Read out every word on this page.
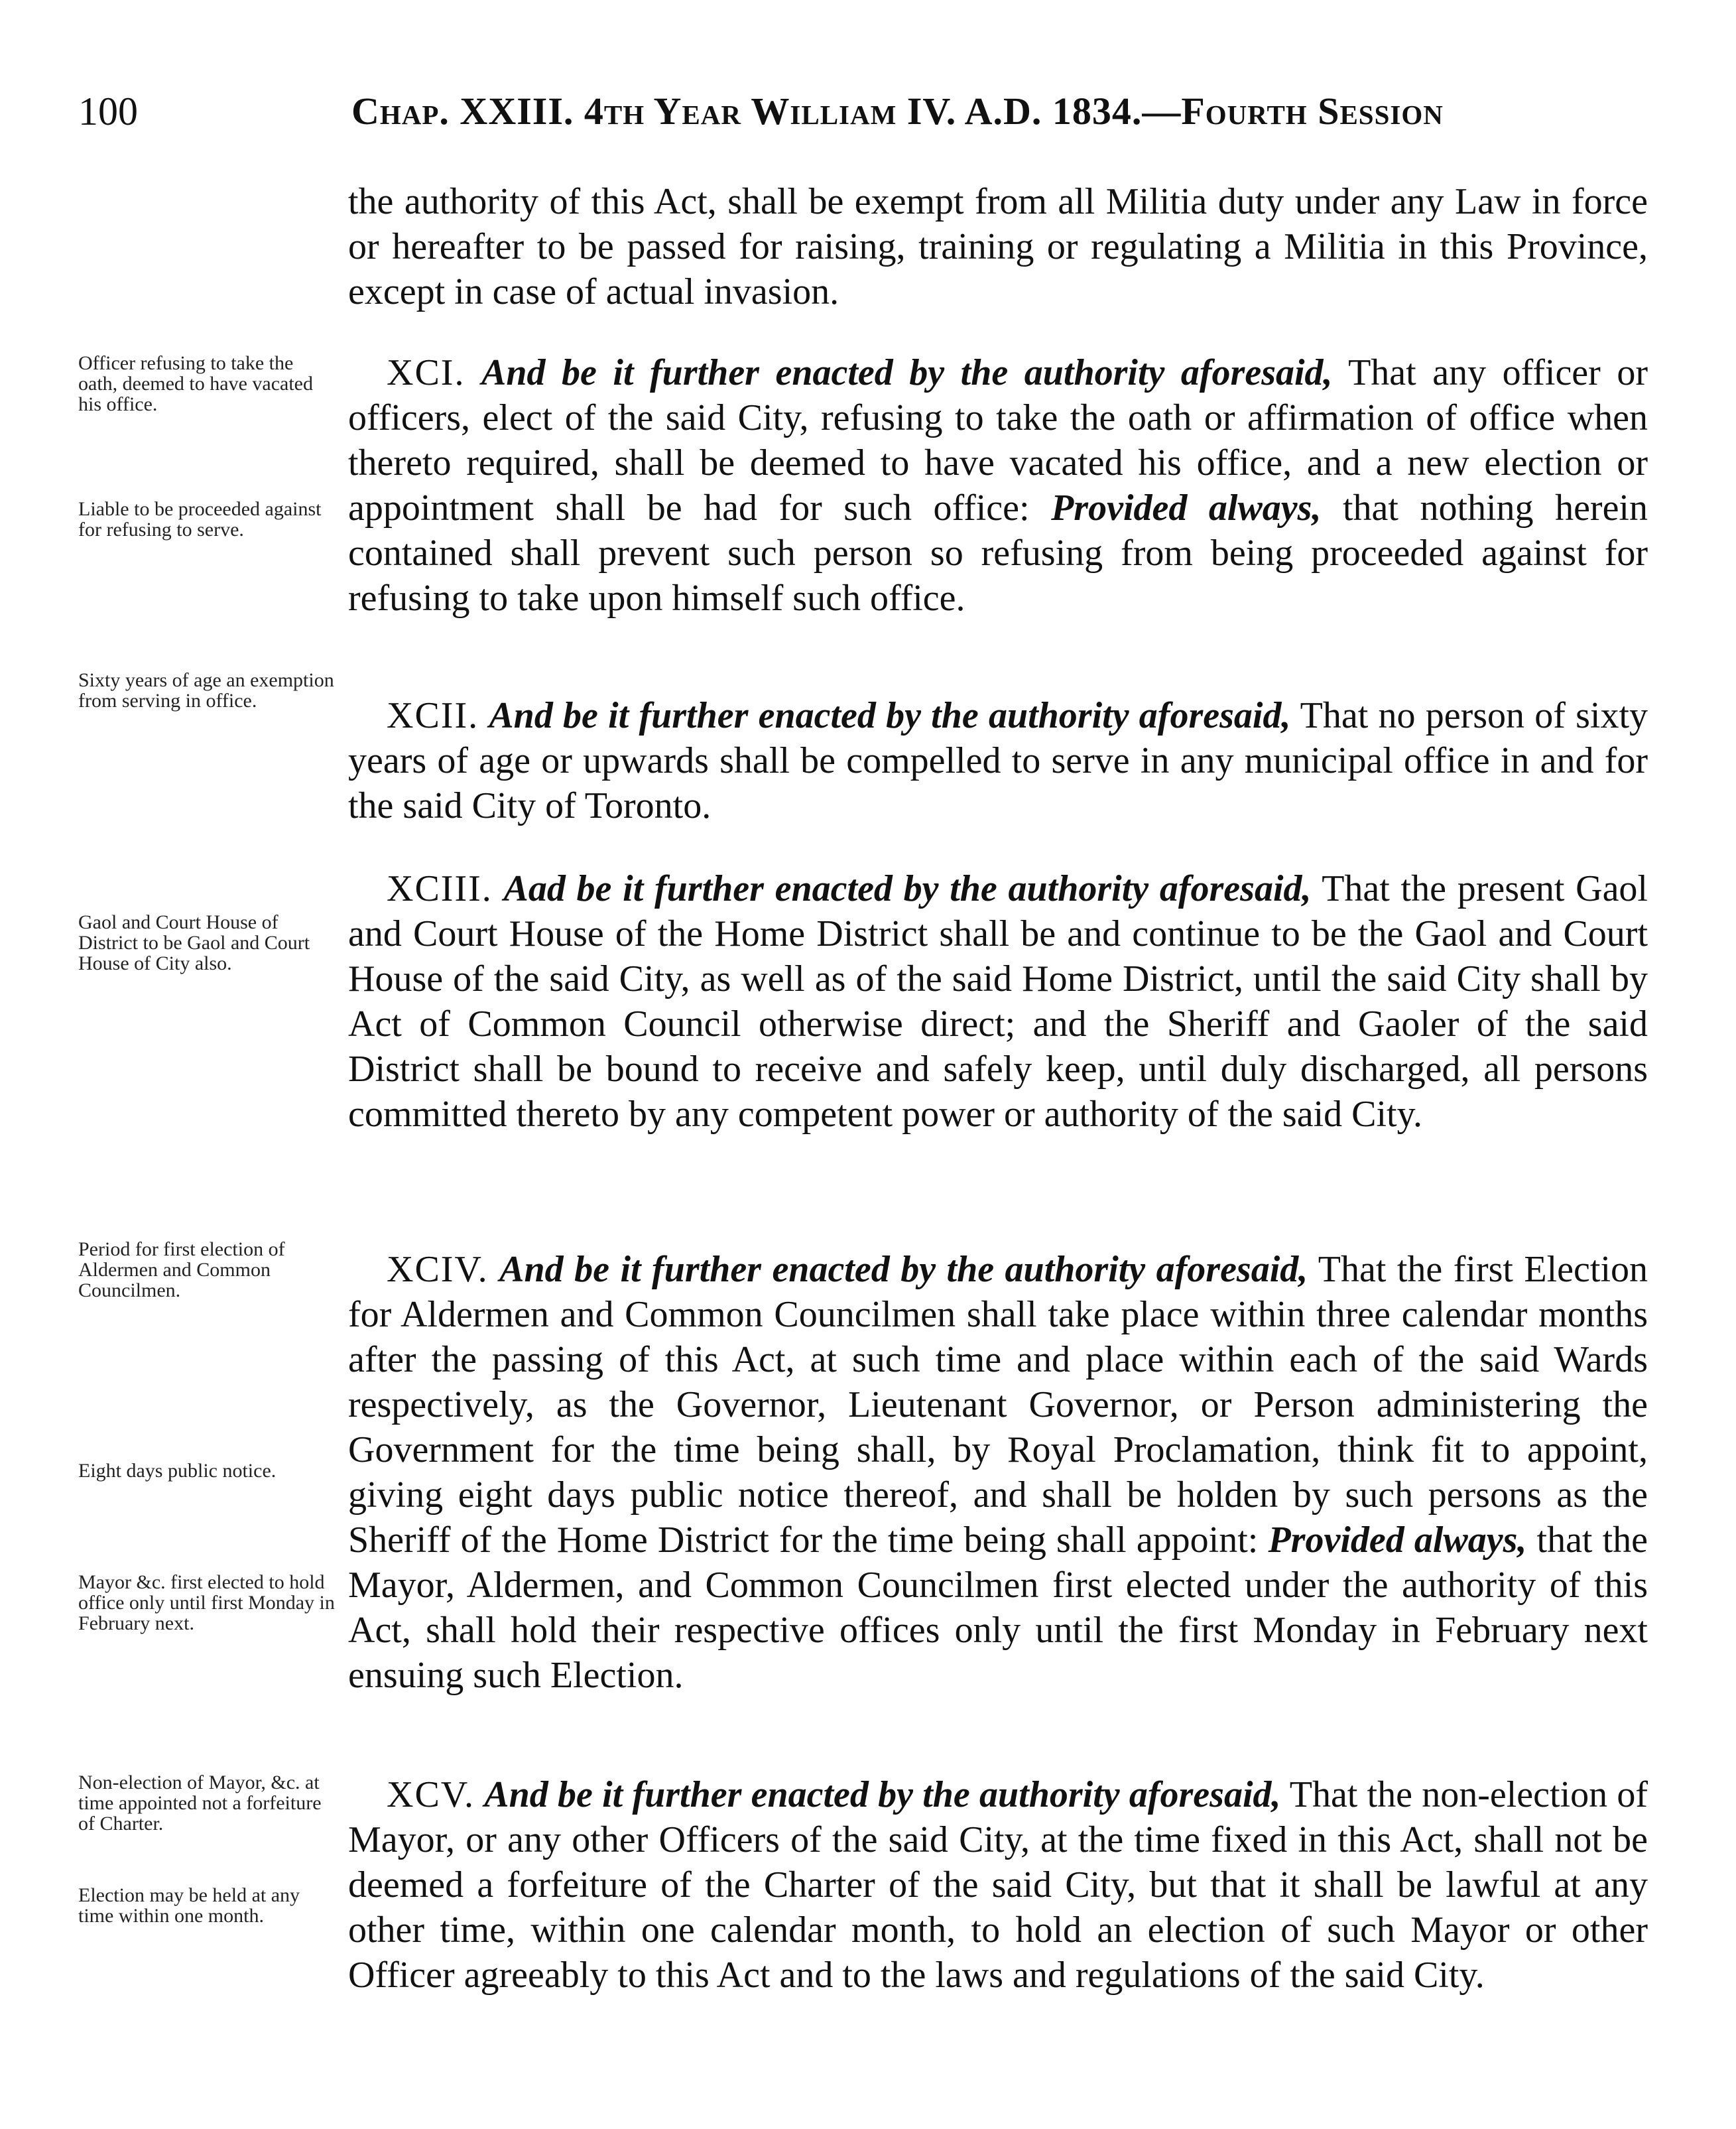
100	Chap. XXIII. 4th Year William IV. A.D. 1834.—Fourth Session

the authority of this Act, shall be exempt from all Militia duty under any Law in force or hereafter to be passed for raising, training or regulating a Militia in this Province, except in case of actual invasion.

XCI. And be it further enacted by the authority aforesaid, That any officer or officers, elect of the said City, refusing to take the oath or affirmation of office when thereto required, shall be deemed to have vacated his office, and a new election or appointment shall be had for such office: Provided always, that nothing herein contained shall prevent such person so refusing from being proceeded against for refusing to take upon himself such office.

Officer refusing to take the oath, deemed to have vacated his office.
Liable to be proceeded against for refusing to serve.

XCII. And be it further enacted by the authority aforesaid, That no person of sixty years of age or upwards shall be compelled to serve in any municipal office in and for the said City of Toronto.

Sixty years of age an exemption from serving in office.

XCIII. Aad be it further enacted by the authority aforesaid, That the present Gaol and Court House of the Home District shall be and continue to be the Gaol and Court House of the said City, as well as of the said Home District, until the said City shall by Act of Common Council otherwise direct; and the Sheriff and Gaoler of the said District shall be bound to receive and safely keep, until duly discharged, all persons committed thereto by any competent power or authority of the said City.

Gaol and Court House of District to be Gaol and Court House of City also.

XCIV. And be it further enacted by the authority aforesaid, That the first Election for Aldermen and Common Councilmen shall take place within three calendar months after the passing of this Act, at such time and place within each of the said Wards respectively, as the Governor, Lieutenant Governor, or Person administering the Government for the time being shall, by Royal Proclamation, think fit to appoint, giving eight days public notice thereof, and shall be holden by such persons as the Sheriff of the Home District for the time being shall appoint: Provided always, that the Mayor, Aldermen, and Common Councilmen first elected under the authority of this Act, shall hold their respective offices only until the first Monday in February next ensuing such Election.

Period for first election of Aldermen and Common Councilmen.
Eight days public notice.
Mayor &c. first elected to hold office only until first Monday in February next.

XCV. And be it further enacted by the authority aforesaid, That the non-election of Mayor, or any other Officers of the said City, at the time fixed in this Act, shall not be deemed a forfeiture of the Charter of the said City, but that it shall be lawful at any other time, within one calendar month, to hold an election of such Mayor or other Officer agreeably to this Act and to the laws and regulations of the said City.

Non-election of Mayor, &c. at time appointed not a forfeiture of Charter.
Election may be held at any time within one month.
